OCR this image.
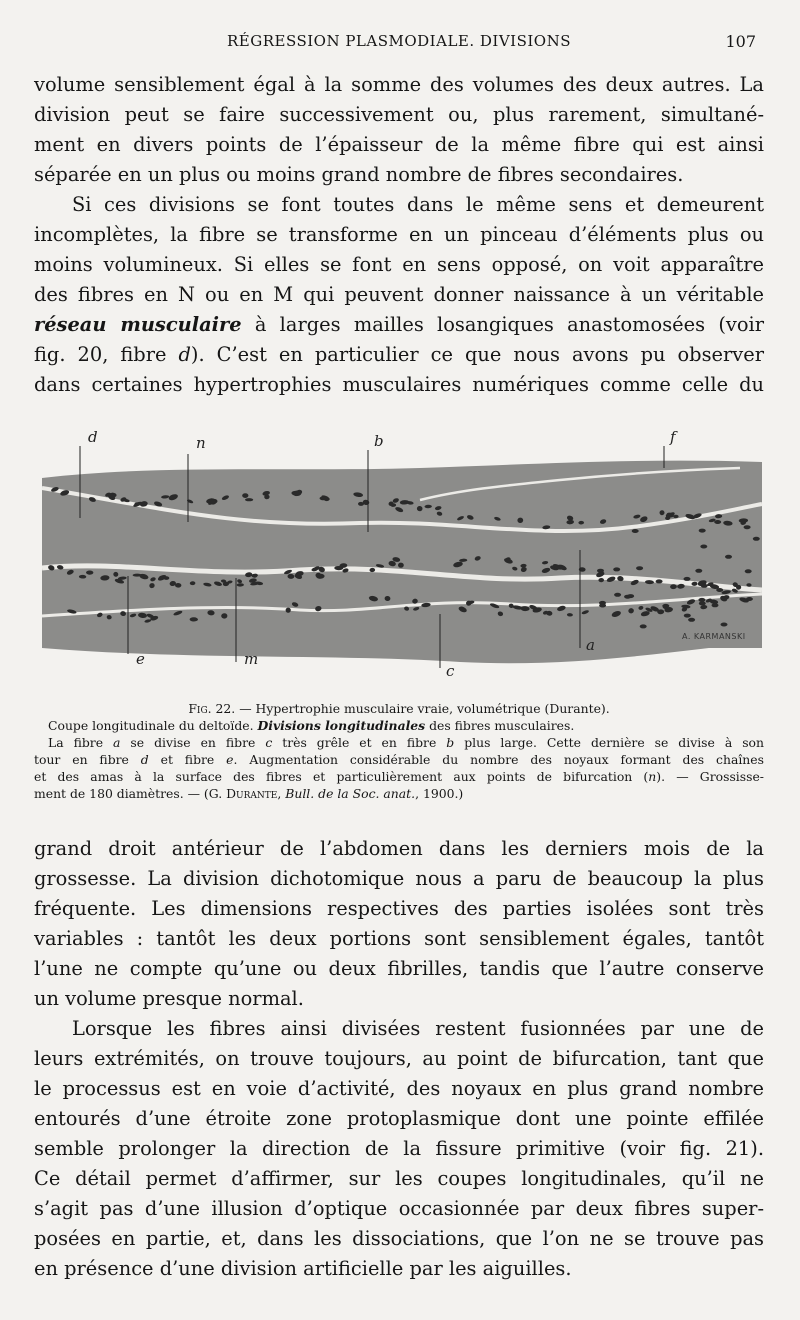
RÉGRESSION PLASMODIALE. DIVISIONS	107
volume sensiblement égal à la somme des volumes des deux autres. La
division peut se faire successivement ou, plus rarement, simultané-
ment en divers points de l’épaisseur de la même fibre qui est ainsi
séparée en un plus ou moins grand nombre de fibres secondaires.
Si ces divisions se font toutes dans le même sens et demeurent
incomplètes, la fibre se transforme en un pinceau d’éléments plus ou
moins volumineux. Si elles se font en sens opposé, on voit apparaître
des fibres en N ou en M qui peuvent donner naissance à un véritable
réseau musculaire à larges mailles losangiques anastomosées (voir
fig. 20, fibre d). C’est en particulier ce que nous avons pu observer
dans certaines hypertrophies musculaires numériques comme celle du
d	n	b	f
e	m
c
a	A. KARMANSKI
Fig. 22. — Hypertrophie musculaire vraie, volumétrique (Durante).
Coupe longitudinale du deltoïde. Divisions longitudinales des fibres musculaires.
La fibre a se divise en fibre c très grêle et en fibre b plus large. Cette dernière se divise à son
tour en fibre d et fibre e. Augmentation considérable du nombre des noyaux formant des chaînes
et des amas à la surface des fibres et particulièrement aux points de bifurcation (n). — Grossisse-
ment de 180 diamètres. — (G. Durante, Bull. de la Soc. anat., 1900.)
grand droit antérieur de l’abdomen dans les derniers mois de la
grossesse. La division dichotomique nous a paru de beaucoup la plus
fréquente. Les dimensions respectives des parties isolées sont très
variables : tantôt les deux portions sont sensiblement égales, tantôt
l’une ne compte qu’une ou deux fibrilles, tandis que l’autre conserve
un volume presque normal.
Lorsque les fibres ainsi divisées restent fusionnées par une de
leurs extrémités, on trouve toujours, au point de bifurcation, tant que
le processus est en voie d’activité, des noyaux en plus grand nombre
entourés d’une étroite zone protoplasmique dont une pointe effilée
semble prolonger la direction de la fissure primitive (voir fig. 21).
Ce détail permet d’affirmer, sur les coupes longitudinales, qu’il ne
s’agit pas d’une illusion d’optique occasionnée par deux fibres super-
posées en partie, et, dans les dissociations, que l’on ne se trouve pas
en présence d’une division artificielle par les aiguilles.
